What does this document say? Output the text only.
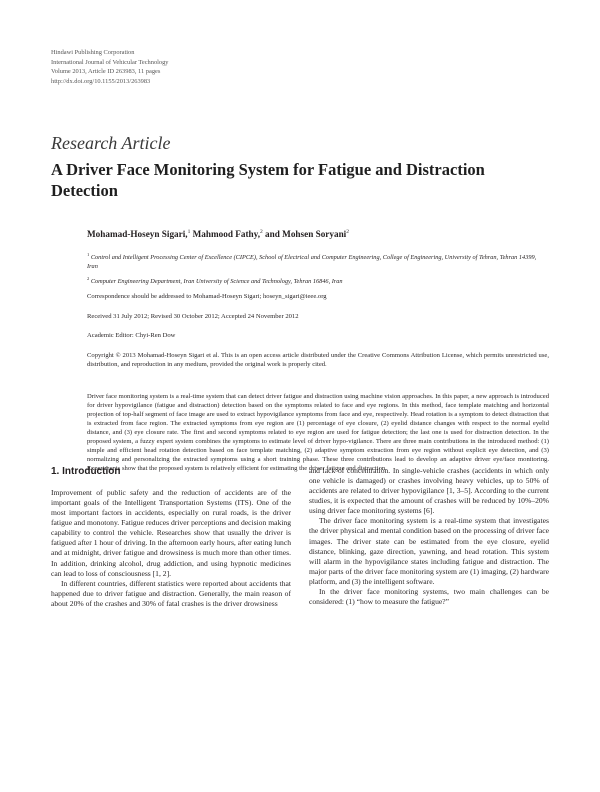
Hindawi Publishing Corporation
International Journal of Vehicular Technology
Volume 2013, Article ID 263983, 11 pages
http://dx.doi.org/10.1155/2013/263983
Research Article
A Driver Face Monitoring System for Fatigue and Distraction Detection
Mohamad-Hoseyn Sigari,$^1$ Mahmood Fathy,$^2$ and Mohsen Soryani$^2$
$^1$ Control and Intelligent Processing Center of Excellence (CIPCE), School of Electrical and Computer Engineering, College of Engineering, University of Tehran, Tehran 14399, Iran
$^2$ Computer Engineering Department, Iran University of Science and Technology, Tehran 16846, Iran
Correspondence should be addressed to Mohamad-Hoseyn Sigari; hoseyn_sigari@ieee.org
Received 31 July 2012; Revised 30 October 2012; Accepted 24 November 2012
Academic Editor: Chyi-Ren Dow
Copyright © 2013 Mohamad-Hoseyn Sigari et al. This is an open access article distributed under the Creative Commons Attribution License, which permits unrestricted use, distribution, and reproduction in any medium, provided the original work is properly cited.
Driver face monitoring system is a real-time system that can detect driver fatigue and distraction using machine vision approaches. In this paper, a new approach is introduced for driver hypovigilance (fatigue and distraction) detection based on the symptoms related to face and eye regions. In this method, face template matching and horizontal projection of top-half segment of face image are used to extract hypovigilance symptoms from face and eye, respectively. Head rotation is a symptom to detect distraction that is extracted from face region. The extracted symptoms from eye region are (1) percentage of eye closure, (2) eyelid distance changes with respect to the normal eyelid distance, and (3) eye closure rate. The first and second symptoms related to eye region are used for fatigue detection; the last one is used for distraction detection. In the proposed system, a fuzzy expert system combines the symptoms to estimate level of driver hypo-vigilance. There are three main contributions in the introduced method: (1) simple and efficient head rotation detection based on face template matching, (2) adaptive symptom extraction from eye region without explicit eye detection, and (3) normalizing and personalizing the extracted symptoms using a short training phase. These three contributions lead to develop an adaptive driver eye/face monitoring. Experiments show that the proposed system is relatively efficient for estimating the driver fatigue and distraction.
1. Introduction

Improvement of public safety and the reduction of accidents are of the important goals of the Intelligent Transportation Systems (ITS). One of the most important factors in accidents, especially on rural roads, is the driver fatigue and monotony. Fatigue reduces driver perceptions and decision making capability to control the vehicle. Researches show that usually the driver is fatigued after 1 hour of driving. In the afternoon early hours, after eating lunch and at midnight, driver fatigue and drowsiness is much more than other times. In addition, drinking alcohol, drug addiction, and using hypnotic medicines can lead to loss of consciousness [1, 2].

In different countries, different statistics were reported about accidents that happened due to driver fatigue and distraction. Generally, the main reason of about 20% of the crashes and 30% of fatal crashes is the driver drowsiness

and lack of concentration. In single-vehicle crashes (accidents in which only one vehicle is damaged) or crashes involving heavy vehicles, up to 50% of accidents are related to driver hypovigilance [1, 3–5]. According to the current studies, it is expected that the amount of crashes will be reduced by 10%–20% using driver face monitoring systems [6].

The driver face monitoring system is a real-time system that investigates the driver physical and mental condition based on the processing of driver face images. The driver state can be estimated from the eye closure, eyelid distance, blinking, gaze direction, yawning, and head rotation. This system will alarm in the hypovigilance states including fatigue and distraction. The major parts of the driver face monitoring system are (1) imaging, (2) hardware platform, and (3) the intelligent software.

In the driver face monitoring systems, two main challenges can be considered: (1) “how to measure the fatigue?”
